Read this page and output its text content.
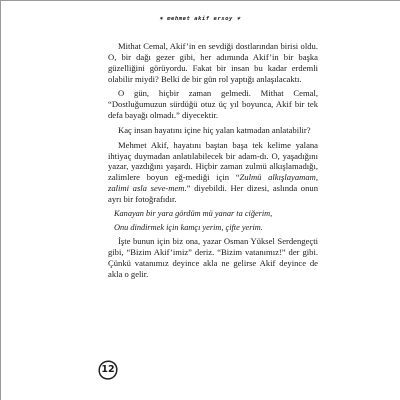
✶ mehmet akif ersoy ✶

Mithat Cemal, Akif’in en sevdiği dostlarından birisi oldu. O, bir dağı gezer gibi, her adımında Akif’in bir başka güzelliğini görüyordu. Fakat bir insan bu kadar erdemli olabilir miydi? Belki de bir gün rol yaptığı anlaşılacaktı.

O gün, hiçbir zaman gelmedi. Mithat Cemal, “Dostluğumuzun sürdüğü otuz üç yıl boyunca, Akif bir tek defa bayağı olmadı.” diyecektir.

Kaç insan hayatını içine hiç yalan katmadan anlatabilir?

Mehmet Akif, hayatını baştan başa tek kelime yalana ihtiyaç duymadan anlatılabilecek bir adam-dı. O, yaşadığını yazar, yazdığını yaşardı. Hiçbir zaman zulmü alkışlamadığı, zalimlere boyun eğ-mediği için “Zulmü alkışlayamam, zalimi asla seve-mem.” diyebildi. Her dizesi, aslında onun ayrı bir fotoğrafıdır.

Kanayan bir yara gördüm mü yanar ta ciğerim,

Onu dindirmek için kamçı yerim, çifte yerim.

İşte bunun için biz ona, yazar Osman Yüksel Serdengeçti gibi, “Bizim Akif’imiz” deriz. “Bizim vatanımız!” der gibi. Çünkü vatanımız deyince akla ne gelirse Akif deyince de akla o gelir.

12
